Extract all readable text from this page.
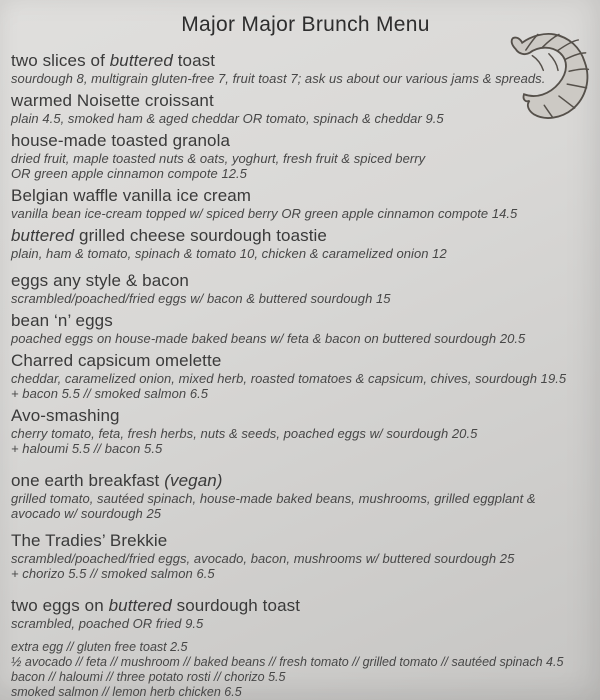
Major Major Brunch Menu
two slices of buttered toast
sourdough 8, multigrain gluten-free 7, fruit toast 7; ask us about our various jams & spreads.
warmed Noisette croissant
plain 4.5, smoked ham & aged cheddar OR tomato, spinach & cheddar 9.5
house-made toasted granola
dried fruit, maple toasted nuts & oats, yoghurt, fresh fruit & spiced berry
OR green apple cinnamon compote 12.5
Belgian waffle vanilla ice cream
vanilla bean ice-cream topped w/ spiced berry OR green apple cinnamon compote 14.5
buttered grilled cheese sourdough toastie
plain, ham & tomato, spinach & tomato 10, chicken & caramelized onion 12
eggs any style & bacon
scrambled/poached/fried eggs w/ bacon & buttered sourdough 15
bean ‘n’ eggs
poached eggs on house-made baked beans w/ feta & bacon on buttered sourdough 20.5
Charred capsicum omelette
cheddar, caramelized onion, mixed herb, roasted tomatoes & capsicum, chives, sourdough 19.5
+ bacon 5.5 // smoked salmon 6.5
Avo-smashing
cherry tomato, feta, fresh herbs, nuts & seeds, poached eggs w/ sourdough 20.5
+ haloumi 5.5 // bacon 5.5
one earth breakfast (vegan)
grilled tomato, sautéed spinach, house-made baked beans, mushrooms, grilled eggplant &
avocado w/ sourdough 25
The Tradies’ Brekkie
scrambled/poached/fried eggs, avocado, bacon, mushrooms w/ buttered sourdough 25
+ chorizo 5.5 // smoked salmon 6.5
two eggs on buttered sourdough toast
scrambled, poached OR fried 9.5
extra egg // gluten free toast 2.5
½ avocado // feta // mushroom // baked beans // fresh tomato // grilled tomato // sautéed spinach 4.5
bacon // haloumi // three potato rosti // chorizo 5.5
smoked salmon // lemon herb chicken 6.5
